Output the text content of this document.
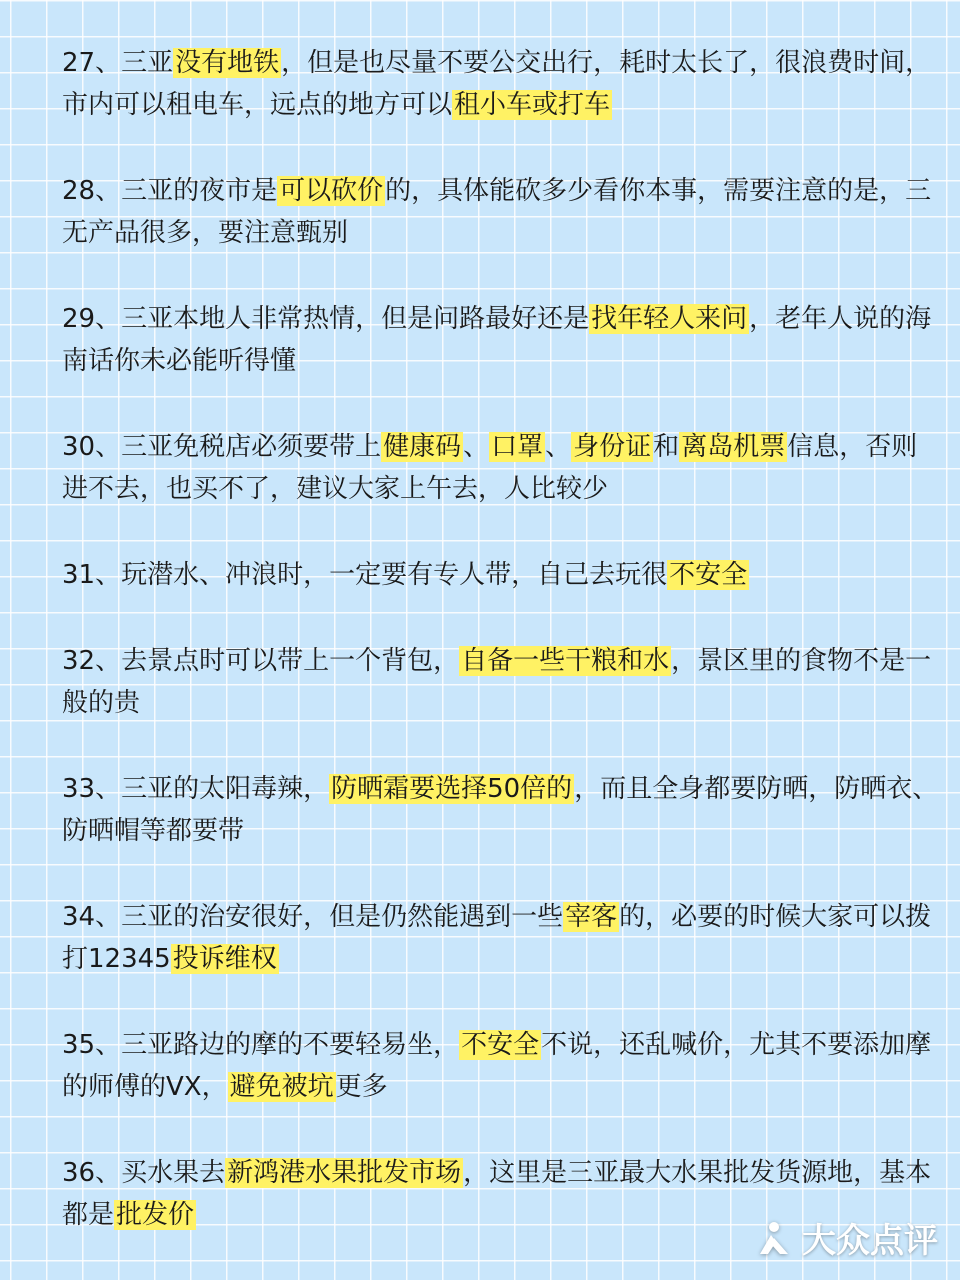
27、三亚没有地铁，但是也尽量不要公交出行，耗时太长了，很浪费时间，市内可以租电车，远点的地方可以租小车或打车

28、三亚的夜市是可以砍价的，具体能砍多少看你本事，需要注意的是，三无产品很多，要注意甄别

29、三亚本地人非常热情，但是问路最好还是找年轻人来问，老年人说的海南话你未必能听得懂

30、三亚免税店必须要带上健康码、口罩、身份证和离岛机票信息，否则进不去，也买不了，建议大家上午去，人比较少

31、玩潜水、冲浪时，一定要有专人带，自己去玩很不安全

32、去景点时可以带上一个背包，自备一些干粮和水，景区里的食物不是一般的贵

33、三亚的太阳毒辣，防晒霜要选择50倍的，而且全身都要防晒，防晒衣、防晒帽等都要带

34、三亚的治安很好，但是仍然能遇到一些宰客的，必要的时候大家可以拨打12345投诉维权

35、三亚路边的摩的不要轻易坐，不安全不说，还乱喊价，尤其不要添加摩的师傅的VX，避免被坑更多

36、买水果去新鸿港水果批发市场，这里是三亚最大水果批发货源地，基本都是批发价

大众点评
